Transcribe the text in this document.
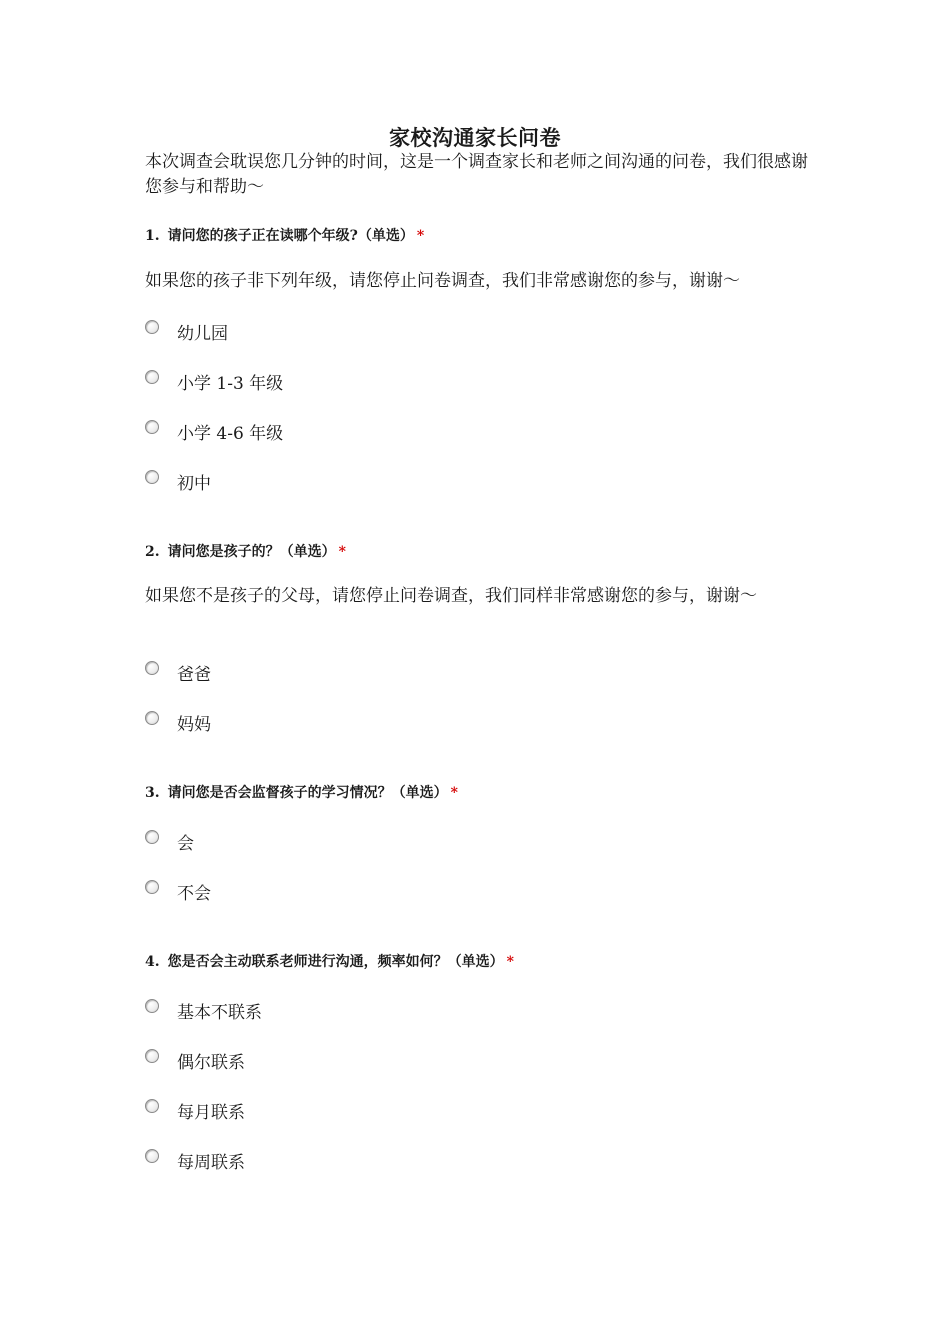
家校沟通家长问卷
本次调查会耽误您几分钟的时间，这是一个调查家长和老师之间沟通的问卷，我们很感谢您参与和帮助～
1. 请问您的孩子正在读哪个年级?（单选） *
如果您的孩子非下列年级，请您停止问卷调查，我们非常感谢您的参与，谢谢～
幼儿园
小学 1-3 年级
小学 4-6 年级
初中
2. 请问您是孩子的？（单选） *
如果您不是孩子的父母，请您停止问卷调查，我们同样非常感谢您的参与，谢谢～
爸爸
妈妈
3. 请问您是否会监督孩子的学习情况？（单选） *
会
不会
4. 您是否会主动联系老师进行沟通，频率如何？（单选） *
基本不联系
偶尔联系
每月联系
每周联系
